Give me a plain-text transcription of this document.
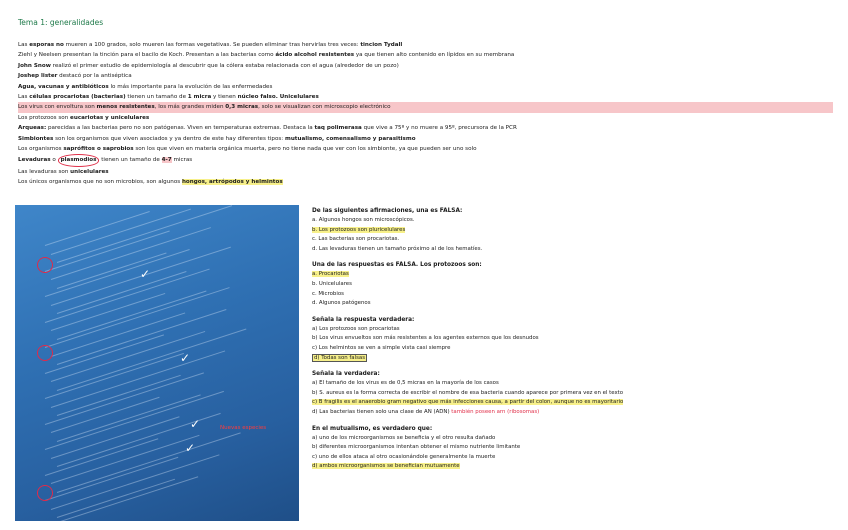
Tema 1: generalidades
Las esporas no mueren a 100 grados, solo mueren las formas vegetativas. Se pueden eliminar tras hervirlas tres veces: tincion Tydall
Ziehl y Neelsen presentan la tinción para el bacilo de Koch. Presentan a las bacterias como ácido alcohol resistentes ya que tienen alto contenido en lípidos en su membrana
John Snow realizó el primer estudio de epidemiología al descubrir que la cólera estaba relacionada con el agua (alrededor de un pozo)
Joshep lister destacó por la antiséptica
Agua, vacunas y antibióticos lo más importante para la evolución de las enfermedades
Las células procariotas (bacterias) tienen un tamaño de 1 micra y tienen núcleo falso. Unicelulares
Los virus con envoltura son menos resistentes, los más grandes miden 0,3 micras, solo se visualizan con microscopio electrónico
Los protozoos son eucariotas y unicelulares
Arqueas: parecidas a las bacterias pero no son patógenas. Viven en temperaturas extremas. Destaca la taq polimerasa que vive a 75º y no muere a 95º, precursora de la PCR
Simbiontes son los organismos que viven asociados y ya dentro de este hay diferentes tipos: mutualismo, comensalismo y parasitismo
Los organismos saprófitos o saprobios son los que viven en materia orgánica muerta, pero no tiene nada que ver con los simbionte, ya que pueden ser uno solo
Levaduras o plasmodios tienen un tamaño de 4-7 micras
Las levaduras son unicelulares
Los únicos organismos que no son microbios, son algunos hongos, artrópodos y helmintos
Nuevas especies
✓
✓
✓
✓
De las siguientes afirmaciones, una es FALSA:
a. Algunos hongos son microscópicos.
b. Los protozoos son pluricelulares
c. Las bacterias son procariotas.
d. Las levaduras tienen un tamaño próximo al de los hematíes.
Una de las respuestas es FALSA. Los protozoos son:
a. Procariotas
b. Unicelulares
c. Microbios
d. Algunos patógenos
Señala la respuesta verdadera:
a) Los protozoos son procariotas
b) Los virus envueltos son más resistentes a los agentes externos que los desnudos
c) Los helmintos se ven a simple vista casi siempre
d) Todas son falsas
Señala la verdadera:
a) El tamaño de los virus es de 0,5 micras en la mayoría de los casos
b) S. aureus es la forma correcta de escribir el nombre de esa bacteria cuando aparece por primera vez en el texto
c) B fragilis es el anaerobio gram negativo que más infecciones causa, a partir del colon, aunque no es mayoritario
d) Las bacterias tienen solo una clase de AN (ADN) también poseen arn (ribosomas)
En el mutualismo, es verdadero que:
a) uno de los microorganismos se beneficia y el otro resulta dañado
b) diferentes microorganismos intentan obtener el mismo nutriente limitante
c) uno de ellos ataca al otro ocasionándole generalmente la muerte
d) ambos microorganismos se benefician mutuamente
